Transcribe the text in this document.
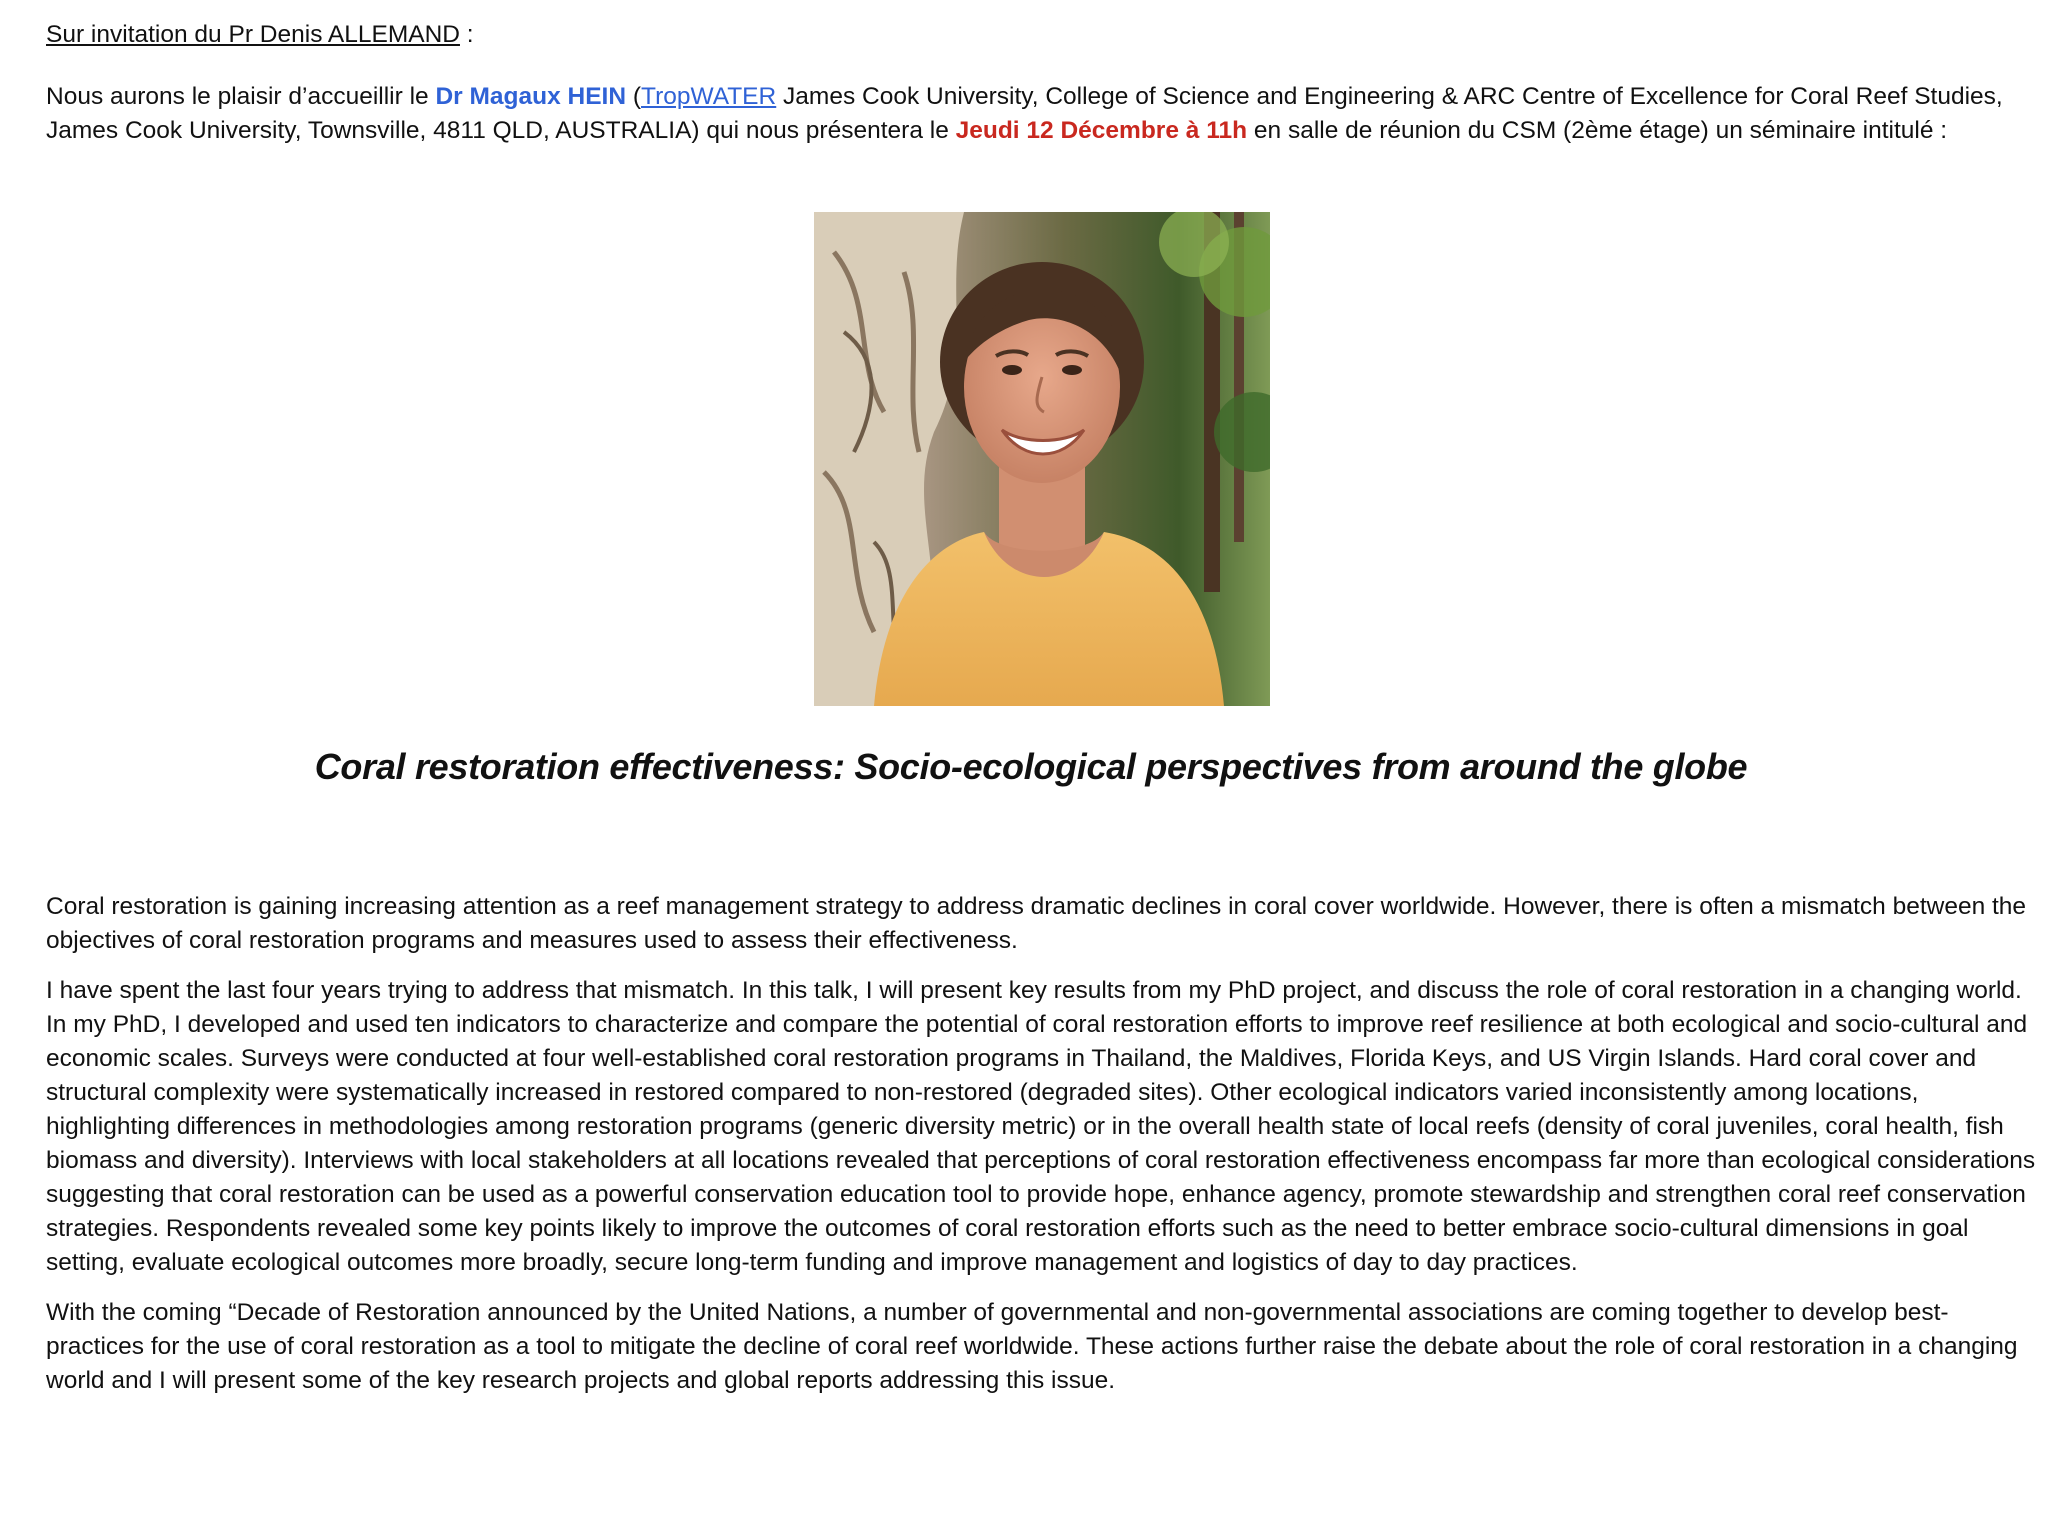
Sur invitation du Pr Denis ALLEMAND :

Nous aurons le plaisir d’accueillir le Dr Magaux HEIN (TropWATER James Cook University, College of Science and Engineering & ARC Centre of Excellence for Coral Reef Studies, James Cook University, Townsville, 4811 QLD, AUSTRALIA) qui nous présentera le Jeudi 12 Décembre à 11h en salle de réunion du CSM (2ème étage) un séminaire intitulé :

Coral restoration effectiveness: Socio-ecological perspectives from around the globe

Coral restoration is gaining increasing attention as a reef management strategy to address dramatic declines in coral cover worldwide. However, there is often a mismatch between the objectives of coral restoration programs and measures used to assess their effectiveness.

I have spent the last four years trying to address that mismatch. In this talk, I will present key results from my PhD project, and discuss the role of coral restoration in a changing world. In my PhD, I developed and used ten indicators to characterize and compare the potential of coral restoration efforts to improve reef resilience at both ecological and socio-cultural and economic scales. Surveys were conducted at four well-established coral restoration programs in Thailand, the Maldives, Florida Keys, and US Virgin Islands. Hard coral cover and structural complexity were systematically increased in restored compared to non-restored (degraded sites). Other ecological indicators varied inconsistently among locations, highlighting differences in methodologies among restoration programs (generic diversity metric) or in the overall health state of local reefs (density of coral juveniles, coral health, fish biomass and diversity). Interviews with local stakeholders at all locations revealed that perceptions of coral restoration effectiveness encompass far more than ecological considerations suggesting that coral restoration can be used as a powerful conservation education tool to provide hope, enhance agency, promote stewardship and strengthen coral reef conservation strategies. Respondents revealed some key points likely to improve the outcomes of coral restoration efforts such as the need to better embrace socio-cultural dimensions in goal setting, evaluate ecological outcomes more broadly, secure long-term funding and improve management and logistics of day to day practices.

With the coming “Decade of Restoration announced by the United Nations, a number of governmental and non-governmental associations are coming together to develop best-practices for the use of coral restoration as a tool to mitigate the decline of coral reef worldwide. These actions further raise the debate about the role of coral restoration in a changing world and I will present some of the key research projects and global reports addressing this issue.
